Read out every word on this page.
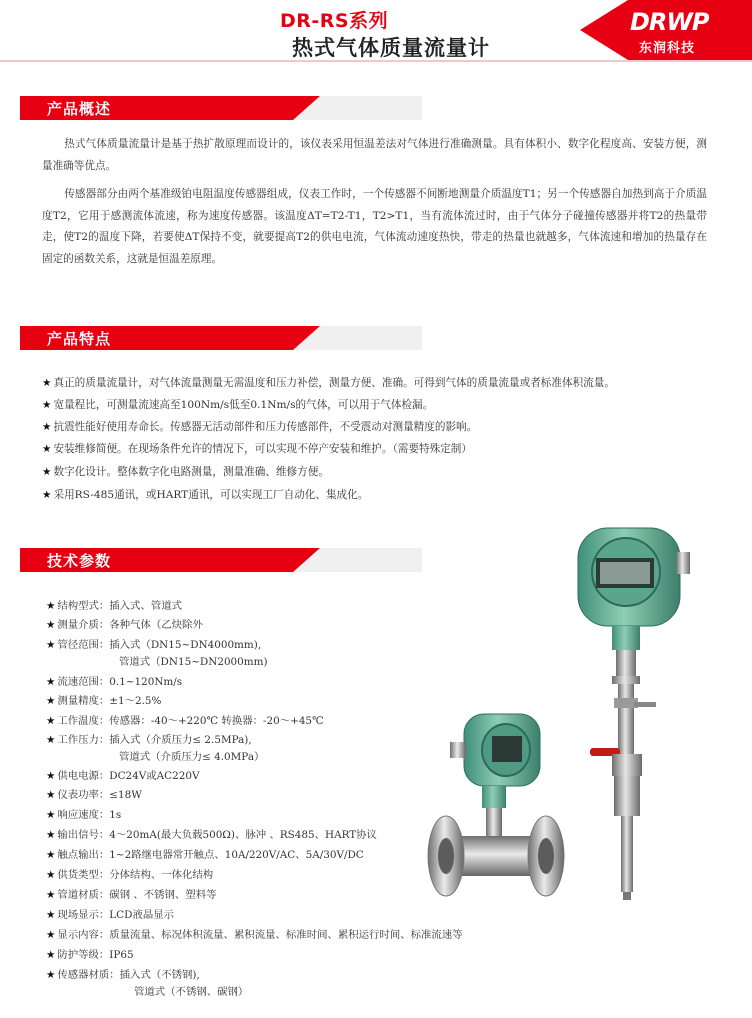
DR-RS系列
热式气体质量流量计
DRWP
东润科技
产品概述

热式气体质量流量计是基于热扩散原理而设计的，该仪表采用恒温差法对气体进行准确测量。具有体积小、数字化程度高、安装方便，测量准确等优点。

传感器部分由两个基准级铂电阻温度传感器组成，仪表工作时，一个传感器不间断地测量介质温度T1；另一个传感器自加热到高于介质温度T2，它用于感测流体流速，称为速度传感器。该温度ΔT=T2-T1，T2>T1，当有流体流过时，由于气体分子碰撞传感器并将T2的热量带走，使T2的温度下降，若要使ΔT保持不变，就要提高T2的供电电流，气体流动速度热快，带走的热量也就越多，气体流速和增加的热量存在固定的函数关系，这就是恒温差原理。

产品特点
★ 真正的质量流量计，对气体流量测量无需温度和压力补偿，测量方便、准确。可得到气体的质量流量或者标准体积流量。
★ 宽量程比，可测量流速高至100Nm/s低至0.1Nm/s的气体，可以用于气体检漏。
★ 抗震性能好使用寿命长。传感器无活动部件和压力传感部件，不受震动对测量精度的影响。
★ 安装维修简便。在现场条件允许的情况下，可以实现不停产安装和维护。（需要特殊定制）
★ 数字化设计。整体数字化电路测量，测量准确、维修方便。
★ 采用RS-485通讯，或HART通讯，可以实现工厂自动化、集成化。
技术参数
★ 结构型式：插入式、管道式
★ 测量介质：各种气体（乙炔除外
★ 管径范围：插入式（DN15~DN4000mm),
管道式（DN15~DN2000mm)
★ 流速范围：0.1~120Nm/s
★ 测量精度：±1～2.5%
★ 工作温度：传感器：-40～+220℃ 转换器：-20～+45℃
★ 工作压力：插入式（介质压力≤ 2.5MPa),
管道式（介质压力≤ 4.0MPa）
★ 供电电源：DC24V或AC220V
★ 仪表功率：≤18W
★ 响应速度：1s
★ 输出信号：4～20mA(最大负载500Ω)、脉冲 、RS485、HART协议
★ 触点输出：1~2路继电器常开触点、10A/220V/AC、5A/30V/DC
★ 供货类型：分体结构、一体化结构
★ 管道材质：碳钢 、不锈钢、塑料等
★ 现场显示：LCD液晶显示
★ 显示内容：质量流量、标况体积流量、累积流量、标准时间、累积运行时间、标准流速等
★ 防护等级：IP65
★ 传感器材质：插入式（不锈钢),
管道式（不锈钢、碳钢）
